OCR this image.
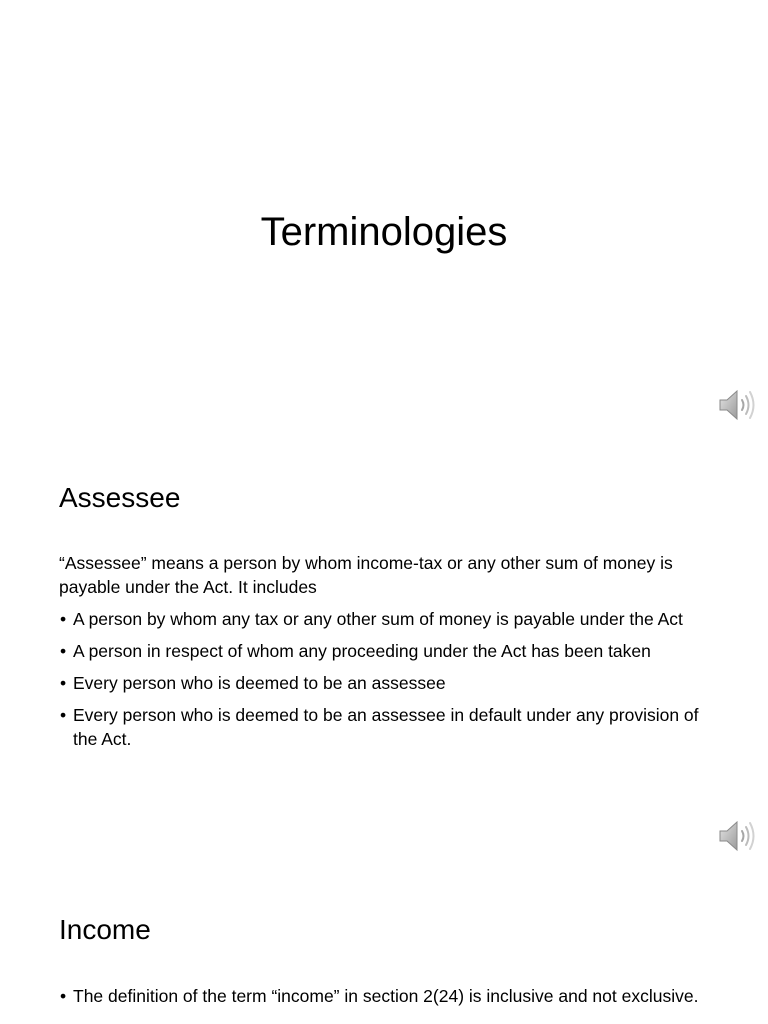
Terminologies
Assessee

“Assessee” means a person by whom income-tax or any other sum of money is payable under the Act. It includes

• A person by whom any tax or any other sum of money is payable under the Act
• A person in respect of whom any proceeding under the Act has been taken
• Every person who is deemed to be an assessee
• Every person who is deemed to be an assessee in default under any provision of the Act.
Income
• The definition of the term “income” in section 2(24) is inclusive and not exclusive.
